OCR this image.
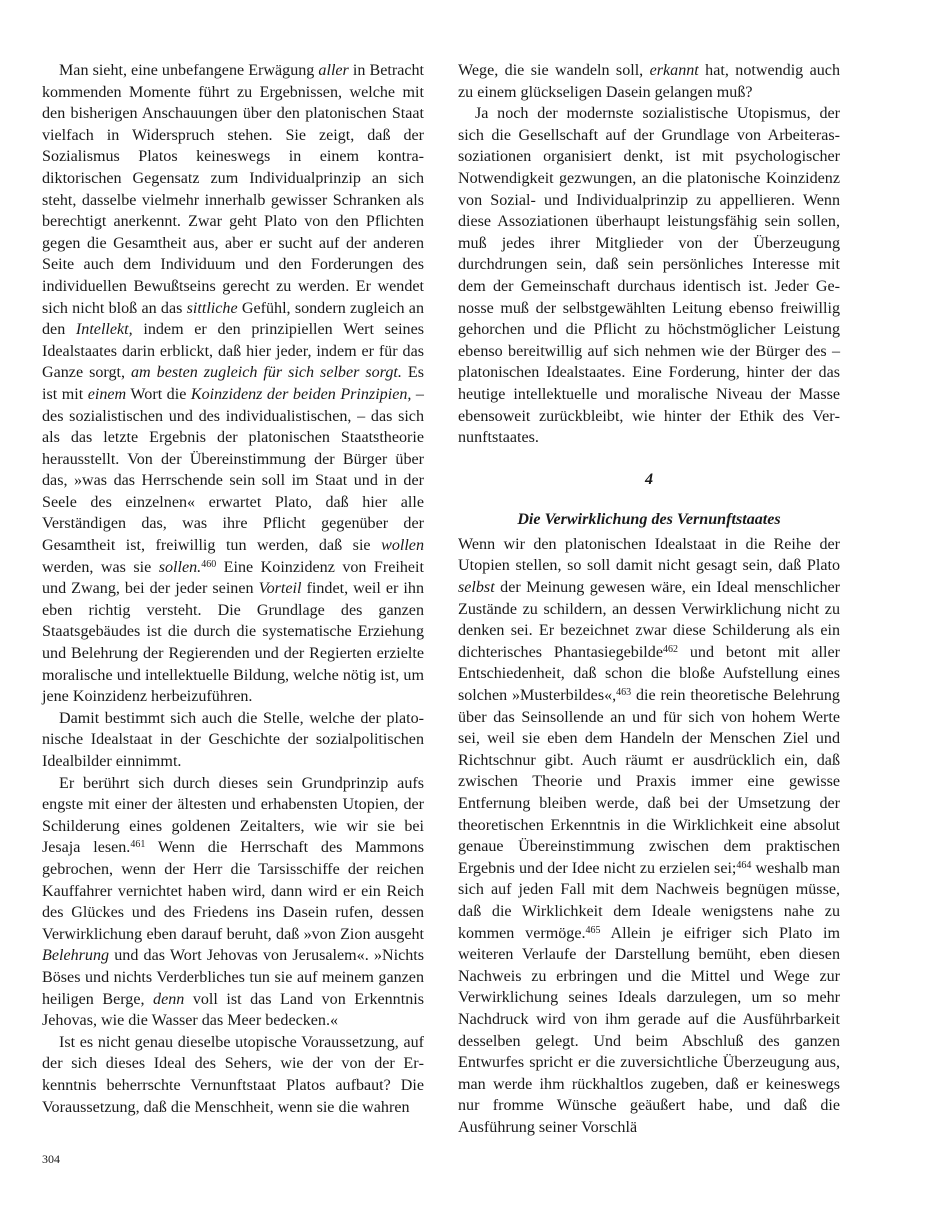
Man sieht, eine unbefangene Erwägung aller in Betracht kommenden Momente führt zu Ergebnissen, welche mit den bisherigen Anschauungen über den platonischen Staat vielfach in Widerspruch stehen. Sie zeigt, daß der Sozialismus Platos keineswegs in einem kontradiktorischen Gegensatz zum Individualprinzip an sich steht, dasselbe vielmehr innerhalb gewisser Schranken als berechtigt anerkennt. Zwar geht Plato von den Pflichten gegen die Gesamtheit aus, aber er sucht auf der anderen Seite auch dem Individuum und den Forderungen des individuellen Bewußtseins gerecht zu werden. Er wendet sich nicht bloß an das sittliche Gefühl, sondern zugleich an den Intellekt, indem er den prinzipiellen Wert seines Idealstaates darin erblickt, daß hier jeder, indem er für das Ganze sorgt, am besten zugleich für sich selber sorgt. Es ist mit einem Wort die Koinzidenz der beiden Prinzipien, – des sozialistischen und des individualistischen, – das sich als das letzte Ergebnis der platonischen Staatstheorie herausstellt. Von der Übereinstimmung der Bürger über das, »was das Herrschende sein soll im Staat und in der Seele des einzelnen« erwartet Plato, daß hier alle Verständigen das, was ihre Pflicht gegenüber der Gesamtheit ist, freiwillig tun werden, daß sie wollen werden, was sie sollen.$^{460}$ Eine Koinzidenz von Freiheit und Zwang, bei der jeder seinen Vorteil findet, weil er ihn eben richtig versteht. Die Grundlage des ganzen Staatsgebäudes ist die durch die systematische Erziehung und Belehrung der Regierenden und der Regierten erzielte moralische und intellektuelle Bildung, welche nötig ist, um jene Koinzidenz herbeizuführen.

Damit bestimmt sich auch die Stelle, welche der platonische Idealstaat in der Geschichte der sozialpolitischen Idealbilder einnimmt.

Er berührt sich durch dieses sein Grundprinzip aufs engste mit einer der ältesten und erhabensten Utopien, der Schilderung eines goldenen Zeitalters, wie wir sie bei Jesaja lesen.$^{461}$ Wenn die Herrschaft des Mammons gebrochen, wenn der Herr die Tarsisschiffe der reichen Kauffahrer vernichtet haben wird, dann wird er ein Reich des Glückes und des Friedens ins Dasein rufen, dessen Verwirklichung eben darauf beruht, daß »von Zion ausgeht Belehrung und das Wort Jehovas von Jerusalem«. »Nichts Böses und nichts Verderbliches tun sie auf meinem ganzen heiligen Berge, denn voll ist das Land von Erkenntnis Jehovas, wie die Wasser das Meer bedecken.«

Ist es nicht genau dieselbe utopische Voraussetzung, auf der sich dieses Ideal des Sehers, wie der von der Erkenntnis beherrschte Vernunftstaat Platos aufbaut? Die Voraussetzung, daß die Menschheit, wenn sie die wahren

Wege, die sie wandeln soll, erkannt hat, notwendig auch zu einem glückseligen Dasein gelangen muß?

Ja noch der modernste sozialistische Utopismus, der sich die Gesellschaft auf der Grundlage von Arbeiterassoziationen organisiert denkt, ist mit psychologischer Notwendigkeit gezwungen, an die platonische Koinzidenz von Sozial- und Individualprinzip zu appellieren. Wenn diese Assoziationen überhaupt leistungsfähig sein sollen, muß jedes ihrer Mitglieder von der Überzeugung durchdrungen sein, daß sein persönliches Interesse mit dem der Gemeinschaft durchaus identisch ist. Jeder Genosse muß der selbstgewählten Leitung ebenso freiwillig gehorchen und die Pflicht zu höchstmöglicher Leistung ebenso bereitwillig auf sich nehmen wie der Bürger des – platonischen Idealstaates. Eine Forderung, hinter der das heutige intellektuelle und moralische Niveau der Masse ebensoweit zurückbleibt, wie hinter der Ethik des Vernunftstaates.

4

Die Verwirklichung des Vernunftstaates

Wenn wir den platonischen Idealstaat in die Reihe der Utopien stellen, so soll damit nicht gesagt sein, daß Plato selbst der Meinung gewesen wäre, ein Ideal menschlicher Zustände zu schildern, an dessen Verwirklichung nicht zu denken sei. Er bezeichnet zwar diese Schilderung als ein dichterisches Phantasiegebilde$^{462}$ und betont mit aller Entschiedenheit, daß schon die bloße Aufstellung eines solchen »Musterbildes«,$^{463}$ die rein theoretische Belehrung über das Seinsollende an und für sich von hohem Werte sei, weil sie eben dem Handeln der Menschen Ziel und Richtschnur gibt. Auch räumt er ausdrücklich ein, daß zwischen Theorie und Praxis immer eine gewisse Entfernung bleiben werde, daß bei der Umsetzung der theoretischen Erkenntnis in die Wirklichkeit eine absolut genaue Übereinstimmung zwischen dem praktischen Ergebnis und der Idee nicht zu erzielen sei;$^{464}$ weshalb man sich auf jeden Fall mit dem Nachweis begnügen müsse, daß die Wirklichkeit dem Ideale wenigstens nahe zu kommen vermöge.$^{465}$ Allein je eifriger sich Plato im weiteren Verlaufe der Darstellung bemüht, eben diesen Nachweis zu erbringen und die Mittel und Wege zur Verwirklichung seines Ideals darzulegen, um so mehr Nachdruck wird von ihm gerade auf die Ausführbarkeit desselben gelegt. Und beim Abschluß des ganzen Entwurfes spricht er die zuversichtliche Überzeugung aus, man werde ihm rückhaltlos zugeben, daß er keineswegs nur fromme Wünsche geäußert habe, und daß die Ausführung seiner Vorschlä

304
